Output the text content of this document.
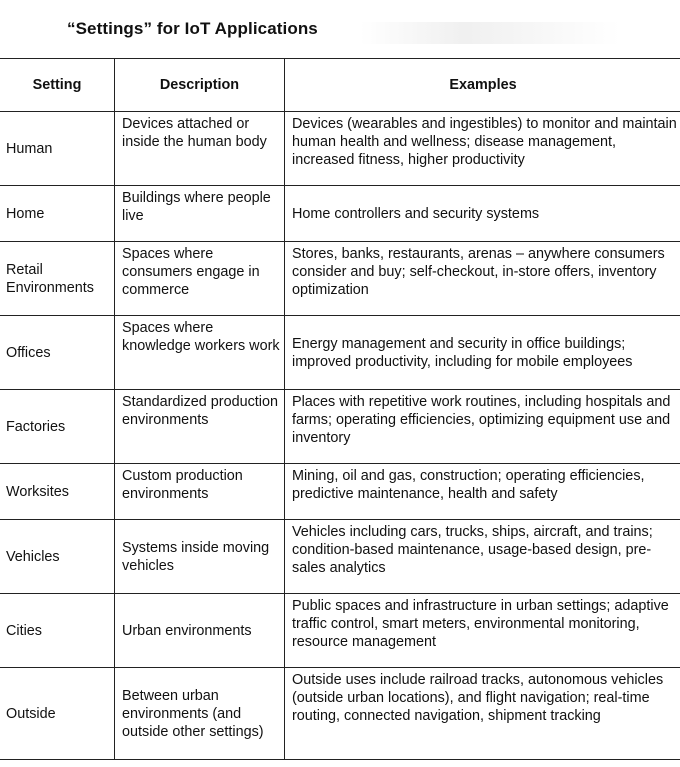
“Settings” for IoT Applications
Setting	Description	Examples
Human	Devices attached or inside the human body	Devices (wearables and ingestibles) to monitor and maintain human health and wellness; disease management, increased fitness, higher productivity

Home	Buildings where people live	Home controllers and security systems

Retail Environments	Spaces where consumers engage in commerce	Stores, banks, restaurants, arenas – anywhere consumers consider and buy; self-checkout, in-store offers, inventory optimization

Offices	Spaces where knowledge workers work	Energy management and security in office buildings; improved productivity, including for mobile employees

Factories	Standardized production environments	Places with repetitive work routines, including hospitals and farms; operating efficiencies, optimizing equipment use and inventory

Worksites	Custom production environments	Mining, oil and gas, construction; operating efficiencies, predictive maintenance, health and safety

Vehicles	Systems inside moving vehicles	Vehicles including cars, trucks, ships, aircraft, and trains; condition-based maintenance, usage-based design, pre-sales analytics

Cities	Urban environments	Public spaces and infrastructure in urban settings; adaptive traffic control, smart meters, environmental monitoring, resource management

Outside	Between urban environments (and outside other settings)	Outside uses include railroad tracks, autonomous vehicles (outside urban locations), and flight navigation; real-time routing, connected navigation, shipment tracking
